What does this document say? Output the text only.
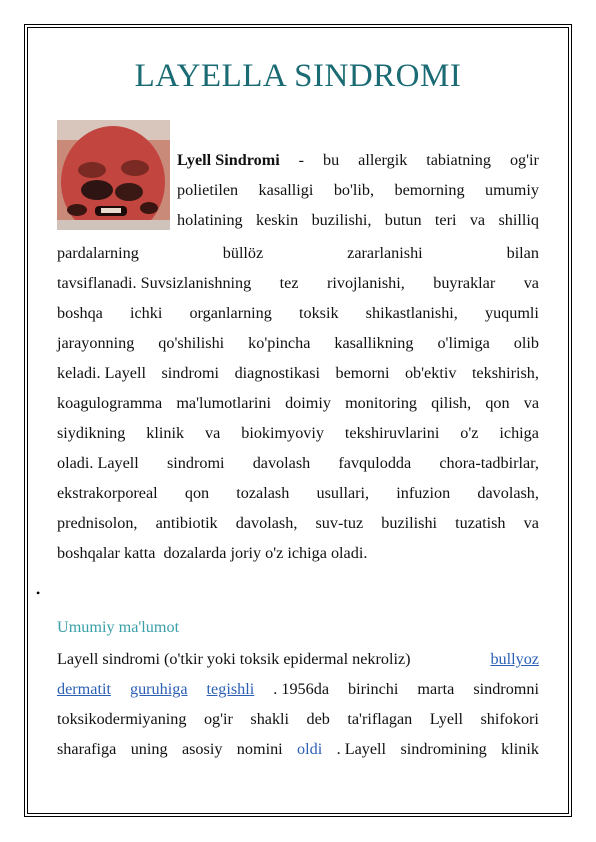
LAYELLA SINDROMI
Lyell Sindromi - bu allergik tabiatning og'ir
polietilen kasalligi bo'lib, bemorning umumiy
holatining keskin buzilishi, butun teri va shilliq
pardalarning	büllöz	zararlanishi	bilan
tavsiflanadi. Suvsizlanishning tez rivojlanishi, buyraklar va
boshqa ichki organlarning toksik shikastlanishi, yuqumli
jarayonning qo'shilishi ko'pincha kasallikning o'limiga olib
keladi. Layell sindromi diagnostikasi bemorni ob'ektiv tekshirish,
koagulogramma ma'lumotlarini doimiy monitoring qilish, qon va
siydikning klinik va biokimyoviy tekshiruvlarini o'z ichiga
oladi. Layell sindromi davolash favqulodda chora-tadbirlar,
ekstrakorporeal qon tozalash usullari, infuzion davolash,
prednisolon, antibiotik davolash, suv-tuz buzilishi tuzatish va
boshqalar katta  dozalarda joriy o'z ichiga oladi.
•
Umumiy ma'lumot
Layell sindromi (o'tkir yoki toksik epidermal nekroliz)	bullyoz
dermatit guruhiga tegishli . 1956da birinchi marta sindromni
toksikodermiyaning og'ir shakli deb ta'riflagan Lyell shifokori
sharafiga uning asosiy nomini oldi . Layell sindromining klinik
